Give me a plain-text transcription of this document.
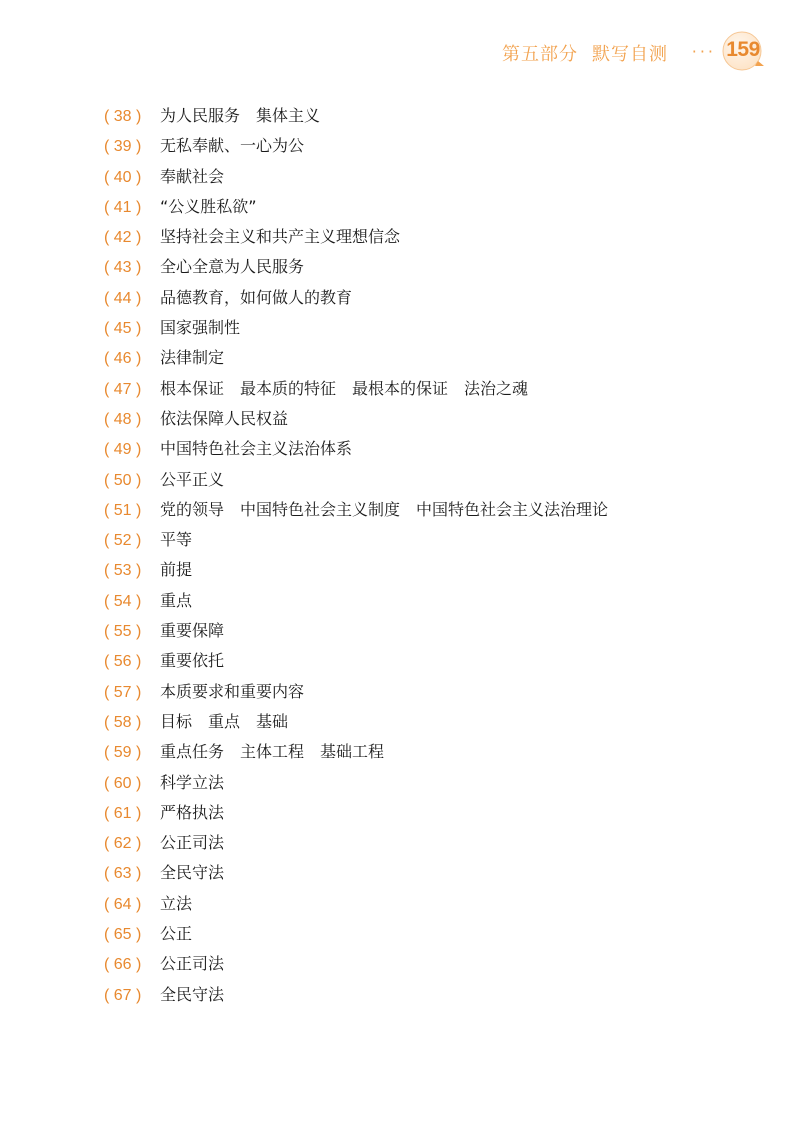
第五部分 默写自测 ··· 159
( 38 ) 为人民服务　集体主义
( 39 ) 无私奉献、一心为公
( 40 ) 奉献社会
( 41 ) “公义胜私欲”
( 42 ) 坚持社会主义和共产主义理想信念
( 43 ) 全心全意为人民服务
( 44 ) 品德教育，如何做人的教育
( 45 ) 国家强制性
( 46 ) 法律制定
( 47 ) 根本保证　最本质的特征　最根本的保证　法治之魂
( 48 ) 依法保障人民权益
( 49 ) 中国特色社会主义法治体系
( 50 ) 公平正义
( 51 ) 党的领导　中国特色社会主义制度　中国特色社会主义法治理论
( 52 ) 平等
( 53 ) 前提
( 54 ) 重点
( 55 ) 重要保障
( 56 ) 重要依托
( 57 ) 本质要求和重要内容
( 58 ) 目标　重点　基础
( 59 ) 重点任务　主体工程　基础工程
( 60 ) 科学立法
( 61 ) 严格执法
( 62 ) 公正司法
( 63 ) 全民守法
( 64 ) 立法
( 65 ) 公正
( 66 ) 公正司法
( 67 ) 全民守法
